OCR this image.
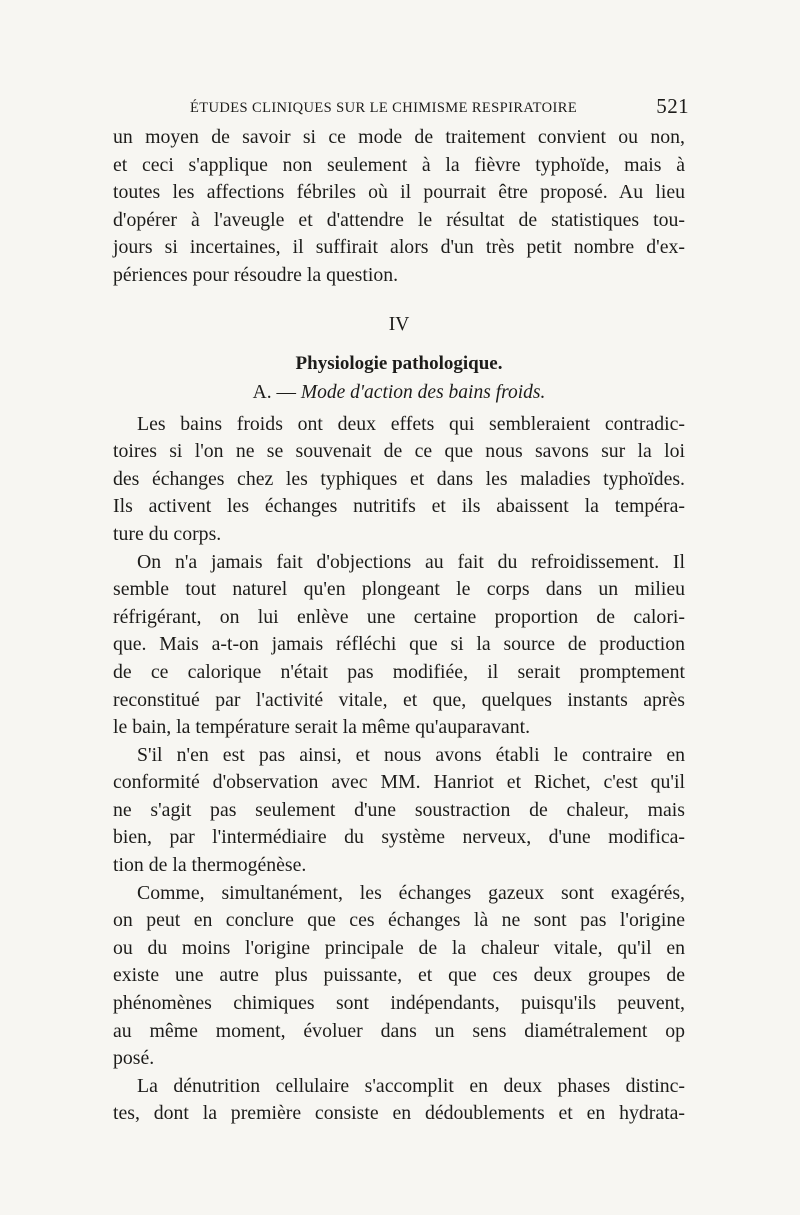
ÉTUDES CLINIQUES SUR LE CHIMISME RESPIRATOIRE	521
un moyen de savoir si ce mode de traitement convient ou non,
et ceci s'applique non seulement à la fièvre typhoïde, mais à
toutes les affections fébriles où il pourrait être proposé. Au lieu
d'opérer à l'aveugle et d'attendre le résultat de statistiques tou-
jours si incertaines, il suffirait alors d'un très petit nombre d'ex-
périences pour résoudre la question.
IV
Physiologie pathologique.
A. — Mode d'action des bains froids.
Les bains froids ont deux effets qui sembleraient contradic-
toires si l'on ne se souvenait de ce que nous savons sur la loi
des échanges chez les typhiques et dans les maladies typhoïdes.
Ils activent les échanges nutritifs et ils abaissent la tempéra-
ture du corps.
On n'a jamais fait d'objections au fait du refroidissement. Il
semble tout naturel qu'en plongeant le corps dans un milieu
réfrigérant, on lui enlève une certaine proportion de calori-
que. Mais a-t-on jamais réfléchi que si la source de production
de ce calorique n'était pas modifiée, il serait promptement
reconstitué par l'activité vitale, et que, quelques instants après
le bain, la température serait la même qu'auparavant.
S'il n'en est pas ainsi, et nous avons établi le contraire en
conformité d'observation avec MM. Hanriot et Richet, c'est qu'il
ne s'agit pas seulement d'une soustraction de chaleur, mais
bien, par l'intermédiaire du système nerveux, d'une modifica-
tion de la thermogénèse.
Comme, simultanément, les échanges gazeux sont exagérés,
on peut en conclure que ces échanges là ne sont pas l'origine
ou du moins l'origine principale de la chaleur vitale, qu'il en
existe une autre plus puissante, et que ces deux groupes de
phénomènes chimiques sont indépendants, puisqu'ils peuvent,
au même moment, évoluer dans un sens diamétralement op
posé.
La dénutrition cellulaire s'accomplit en deux phases distinc-
tes, dont la première consiste en dédoublements et en hydrata-
